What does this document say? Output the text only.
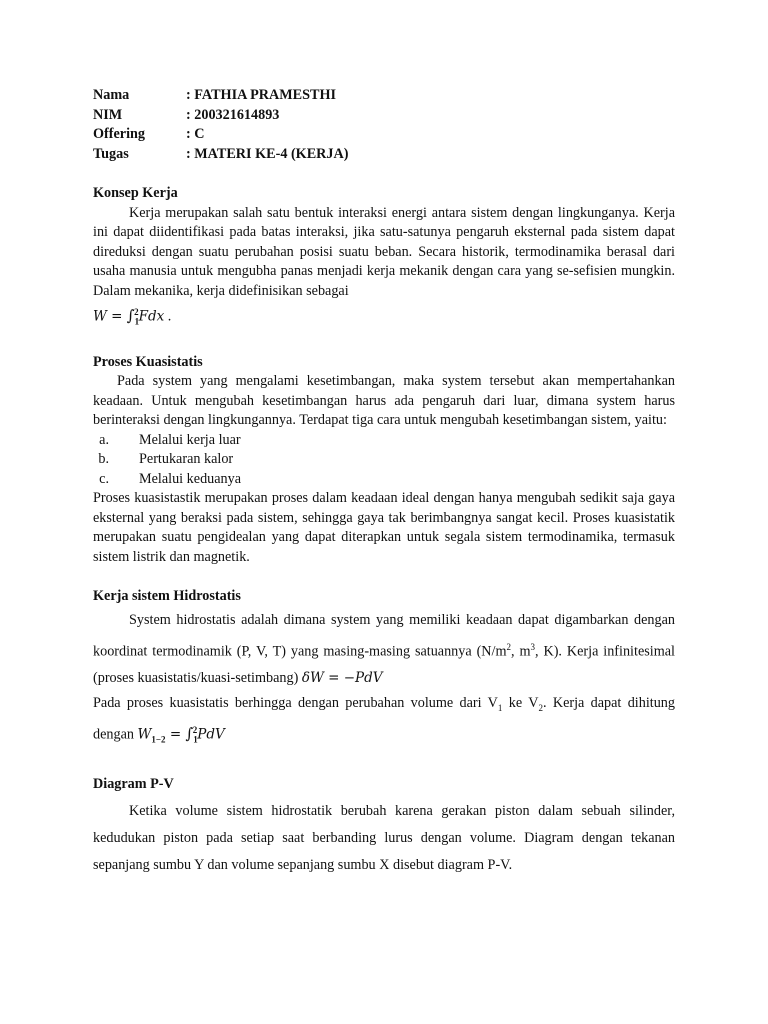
Nama	: FATHIA PRAMESTHI
NIM	: 200321614893
Offering	: C
Tugas	: MATERI KE-4 (KERJA)
Konsep Kerja

Kerja merupakan salah satu bentuk interaksi energi antara sistem dengan lingkunganya. Kerja ini dapat diidentifikasi pada batas interaksi, jika satu-satunya pengaruh eksternal pada sistem dapat direduksi dengan suatu perubahan posisi suatu beban. Secara historik, termodinamika berasal dari usaha manusia untuk mengubha panas menjadi kerja mekanik dengan cara yang se-sefisien mungkin. Dalam mekanika, kerja didefinisikan sebagai

$W = \int_1^2Fdx$ .

Proses Kuasistatis

Pada system yang mengalami kesetimbangan, maka system tersebut akan mempertahankan keadaan. Untuk mengubah kesetimbangan harus ada pengaruh dari luar, dimana system harus berinteraksi dengan lingkungannya. Terdapat tiga cara untuk mengubah kesetimbangan sistem, yaitu:

a. Melalui kerja luar
b. Pertukaran kalor
c. Melalui keduanya

Proses kuasistastik merupakan proses dalam keadaan ideal dengan hanya mengubah sedikit saja gaya eksternal yang beraksi pada sistem, sehingga gaya tak berimbangnya sangat kecil. Proses kuasistatik merupakan suatu pengidealan yang dapat diterapkan untuk segala sistem termodinamika, termasuk sistem listrik dan magnetik.

Kerja sistem Hidrostatis

System hidrostatis adalah dimana system yang memiliki keadaan dapat digambarkan dengan koordinat termodinamik (P, V, T) yang masing-masing satuannya ($N/m^2$, $m^3$, K). Kerja infinitesimal (proses kuasistatis/kuasi-setimbang) δW = −PdV

Pada proses kuasistatis berhingga dengan perubahan volume dari $V_1$ ke $V_2$. Kerja dapat dihitung dengan $W_{1-2} = \int_1^2PdV$

Diagram P-V

Ketika volume sistem hidrostatik berubah karena gerakan piston dalam sebuah silinder, kedudukan piston pada setiap saat berbanding lurus dengan volume. Diagram dengan tekanan sepanjang sumbu Y dan volume sepanjang sumbu X disebut diagram P-V.
